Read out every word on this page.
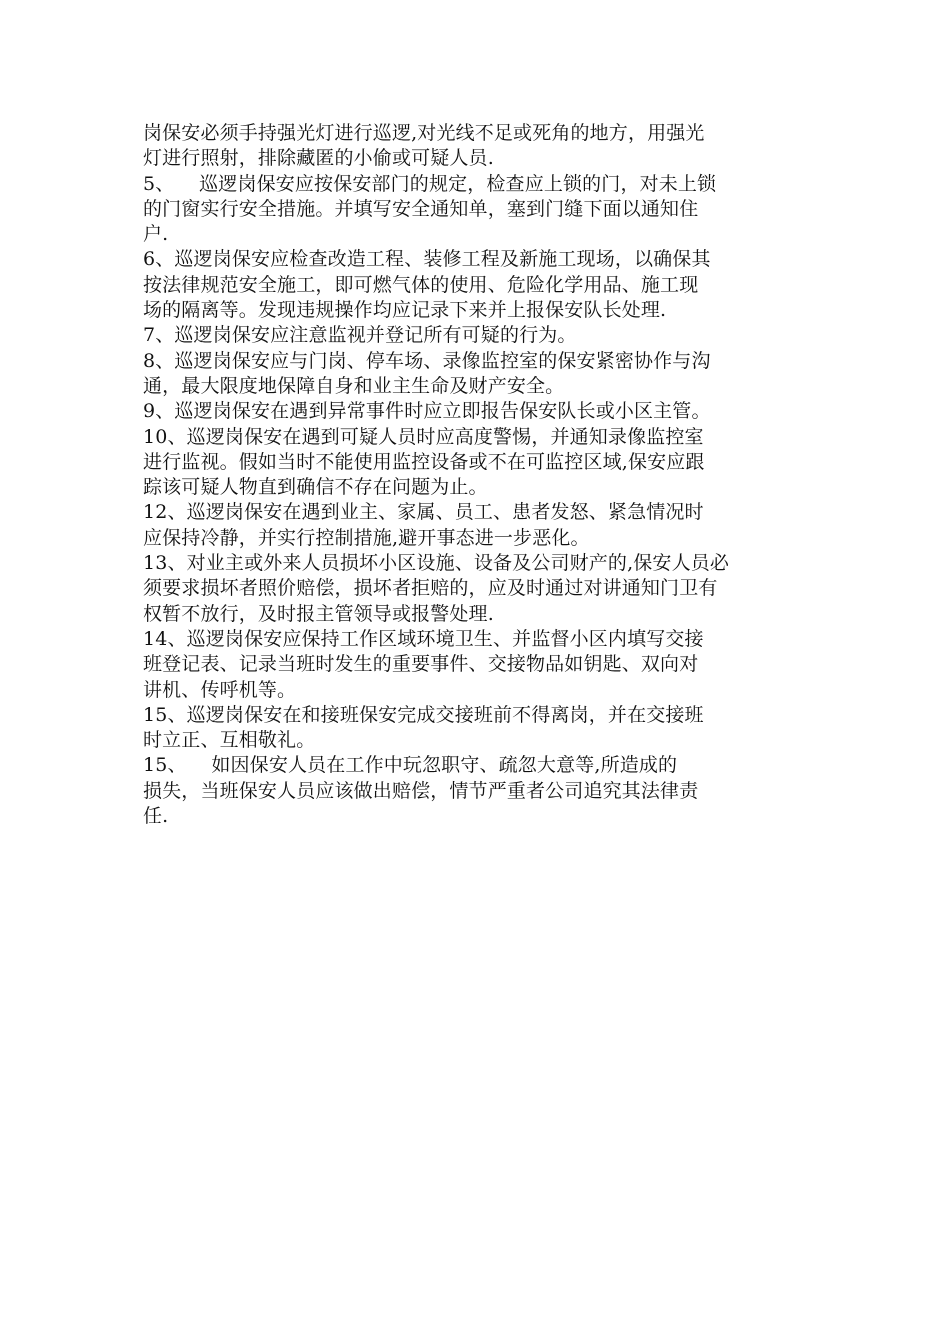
岗保安必须手持强光灯进行巡逻,对光线不足或死角的地方，用强光
灯进行照射，排除藏匿的小偷或可疑人员.
5、    巡逻岗保安应按保安部门的规定，检查应上锁的门，对未上锁
的门窗实行安全措施。并填写安全通知单，塞到门缝下面以通知住
户.
6、巡逻岗保安应检查改造工程、装修工程及新施工现场，以确保其
按法律规范安全施工，即可燃气体的使用、危险化学用品、施工现
场的隔离等。发现违规操作均应记录下来并上报保安队长处理.
7、巡逻岗保安应注意监视并登记所有可疑的行为。
8、巡逻岗保安应与门岗、停车场、录像监控室的保安紧密协作与沟
通，最大限度地保障自身和业主生命及财产安全。
9、巡逻岗保安在遇到异常事件时应立即报告保安队长或小区主管。
10、巡逻岗保安在遇到可疑人员时应高度警惕，并通知录像监控室
进行监视。假如当时不能使用监控设备或不在可监控区域,保安应跟
踪该可疑人物直到确信不存在问题为止。
12、巡逻岗保安在遇到业主、家属、员工、患者发怒、紧急情况时
应保持冷静，并实行控制措施,避开事态进一步恶化。
13、对业主或外来人员损坏小区设施、设备及公司财产的,保安人员必
须要求损坏者照价赔偿，损坏者拒赔的，应及时通过对讲通知门卫有
权暂不放行，及时报主管领导或报警处理.
14、巡逻岗保安应保持工作区域环境卫生、并监督小区内填写交接
班登记表、记录当班时发生的重要事件、交接物品如钥匙、双向对
讲机、传呼机等。
15、巡逻岗保安在和接班保安完成交接班前不得离岗，并在交接班
时立正、互相敬礼。
15、    如因保安人员在工作中玩忽职守、疏忽大意等,所造成的
损失，当班保安人员应该做出赔偿，情节严重者公司追究其法律责
任.
